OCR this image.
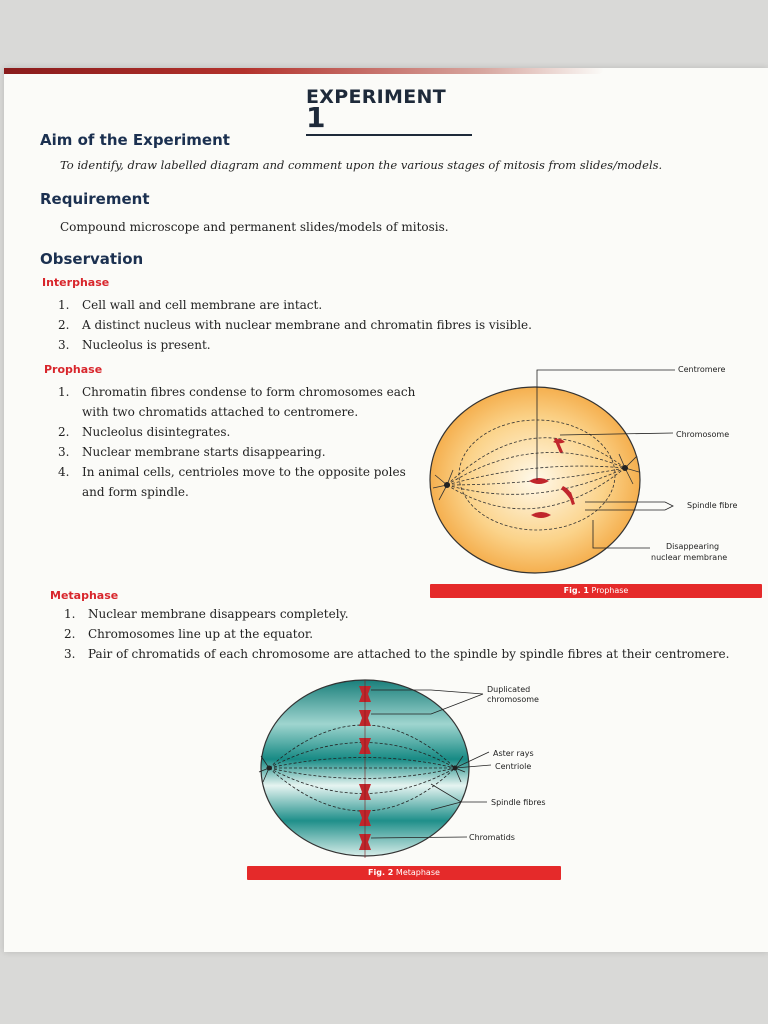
EXPERIMENT 1
Aim of the Experiment
To identify, draw labelled diagram and comment upon the various stages of mitosis from slides/models.
Requirement
Compound microscope and permanent slides/models of mitosis.
Observation
Interphase
1. Cell wall and cell membrane are intact.
2. A distinct nucleus with nuclear membrane and chromatin fibres is visible.
3. Nucleolus is present.
Prophase
1. Chromatin fibres condense to form chromosomes each with two chromatids attached to centromere.
2. Nucleolus disintegrates.
3. Nuclear membrane starts disappearing.
4. In animal cells, centrioles move to the opposite poles and form spindle.
Centromere
Chromosome
Spindle fibre
Disappearing
nuclear membrane
Fig. 1 Prophase
Metaphase
1. Nuclear membrane disappears completely.
2. Chromosomes line up at the equator.
3. Pair of chromatids of each chromosome are attached to the spindle by spindle fibres at their centromere.
Duplicated
chromosome
Aster rays
Centriole
Spindle fibres
Chromatids
Fig. 2 Metaphase
